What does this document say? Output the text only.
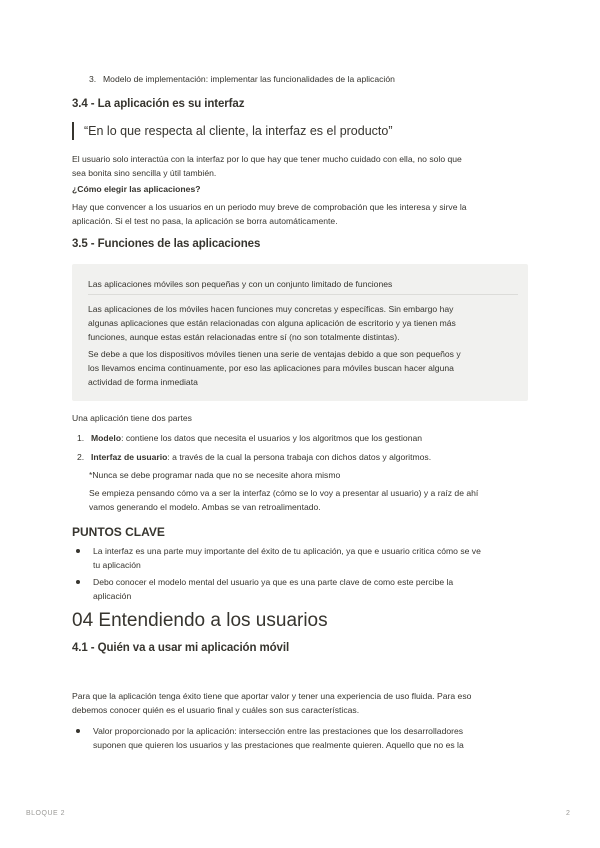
3. Modelo de implementación: implementar las funcionalidades de la aplicación
3.4 - La aplicación es su interfaz
“En lo que respecta al cliente, la interfaz es el producto”

El usuario solo interactúa con la interfaz por lo que hay que tener mucho cuidado con ella, no solo que

sea bonita sino sencilla y útil también.

¿Cómo elegir las aplicaciones?

Hay que convencer a los usuarios en un periodo muy breve de comprobación que les interesa y sirve la

aplicación. Si el test no pasa, la aplicación se borra automáticamente.

3.5 - Funciones de las aplicaciones
Las aplicaciones móviles son pequeñas y con un conjunto limitado de funciones

Las aplicaciones de los móviles hacen funciones muy concretas y específicas. Sin embargo hay

algunas aplicaciones que están relacionadas con alguna aplicación de escritorio y ya tienen más

funciones, aunque estas están relacionadas entre sí (no son totalmente distintas).

Se debe a que los dispositivos móviles tienen una serie de ventajas debido a que son pequeños y

los llevamos encima continuamente, por eso las aplicaciones para móviles buscan hacer alguna

actividad de forma inmediata

Una aplicación tiene dos partes
1. Modelo: contiene los datos que necesita el usuarios y los algoritmos que los gestionan
2. Interfaz de usuario: a través de la cual la persona trabaja con dichos datos y algoritmos.
*Nunca se debe programar nada que no se necesite ahora mismo

Se empieza pensando cómo va a ser la interfaz (cómo se lo voy a presentar al usuario) y a raíz de ahí

vamos generando el modelo. Ambas se van retroalimentado.

PUNTOS CLAVE

La interfaz es una parte muy importante del éxito de tu aplicación, ya que e usuario critica cómo se ve

tu aplicación

Debo conocer el modelo mental del usuario ya que es una parte clave de como este percibe la

aplicación

04 Entendiendo a los usuarios
4.1 - Quién va a usar mi aplicación móvil

Para que la aplicación tenga éxito tiene que aportar valor y tener una experiencia de uso fluida. Para eso

debemos conocer quién es el usuario final y cuáles son sus características.

Valor proporcionado por la aplicación: intersección entre las prestaciones que los desarrolladores

suponen que quieren los usuarios y las prestaciones que realmente quieren. Aquello que no es la

BLOQUE 2	2
